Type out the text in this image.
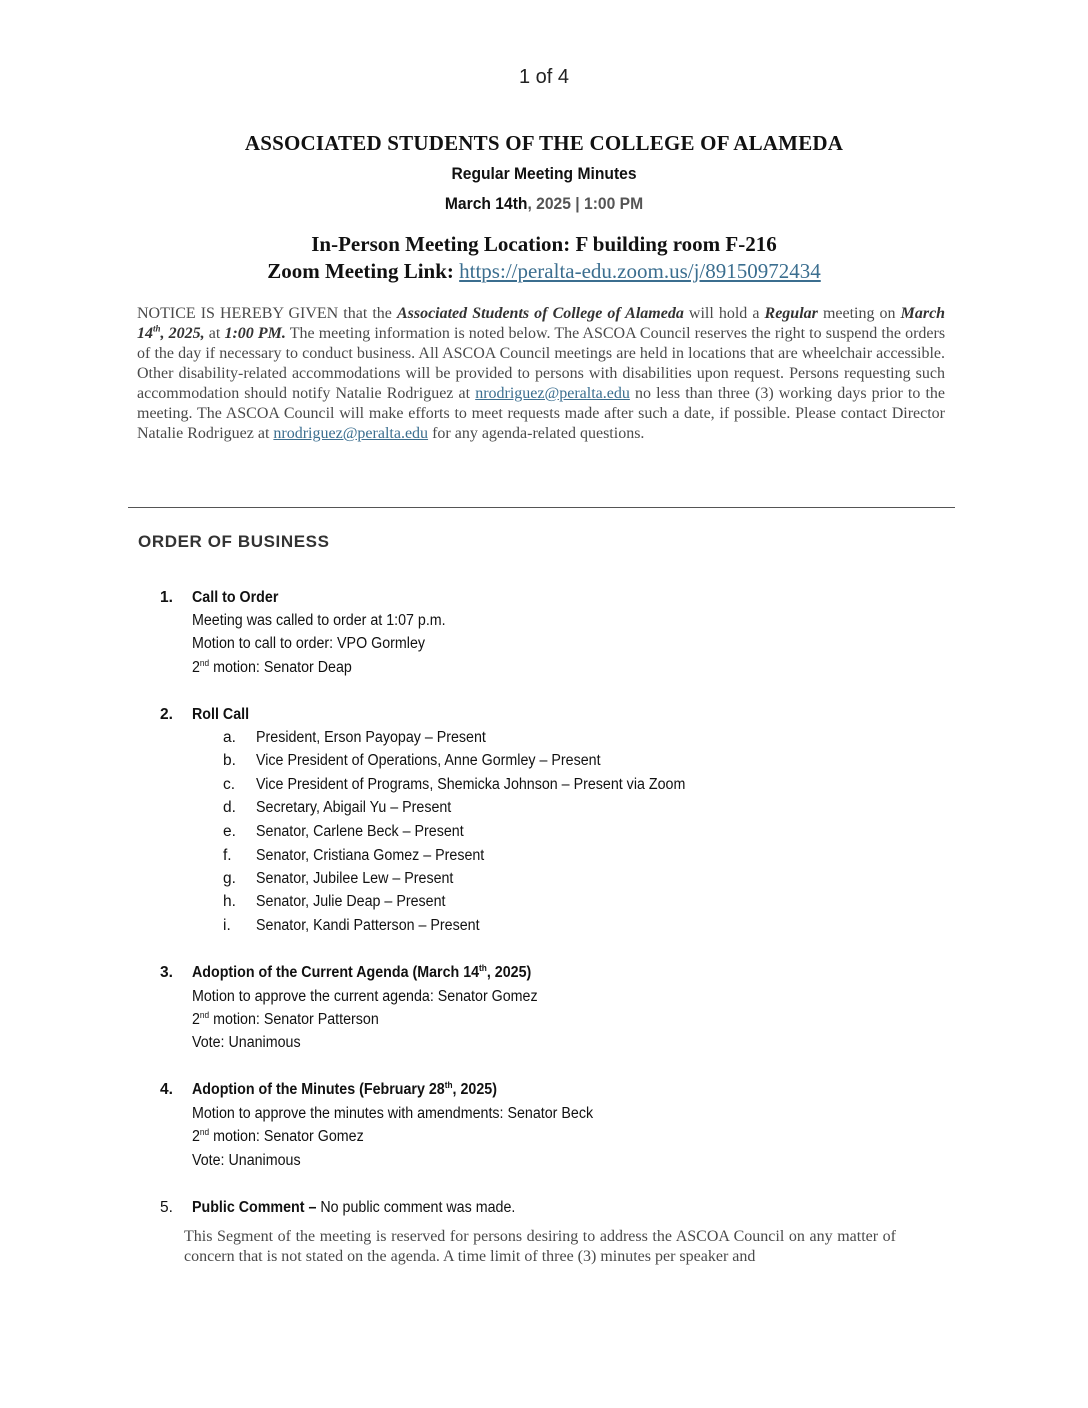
1 of 4
ASSOCIATED STUDENTS OF THE COLLEGE OF ALAMEDA
Regular Meeting Minutes
March 14th, 2025 | 1:00 PM
In-Person Meeting Location: F building room F-216
Zoom Meeting Link: https://peralta-edu.zoom.us/j/89150972434
NOTICE IS HEREBY GIVEN that the Associated Students of College of Alameda will hold a Regular meeting on March 14th, 2025, at 1:00 PM. The meeting information is noted below. The ASCOA Council reserves the right to suspend the orders of the day if necessary to conduct business. All ASCOA Council meetings are held in locations that are wheelchair accessible. Other disability-related accommodations will be provided to persons with disabilities upon request. Persons requesting such accommodation should notify Natalie Rodriguez at nrodriguez@peralta.edu no less than three (3) working days prior to the meeting. The ASCOA Council will make efforts to meet requests made after such a date, if possible. Please contact Director Natalie Rodriguez at nrodriguez@peralta.edu for any agenda-related questions.
ORDER OF BUSINESS
1. Call to Order
Meeting was called to order at 1:07 p.m.
Motion to call to order: VPO Gormley
2nd motion: Senator Deap
2. Roll Call
a. President, Erson Payopay – Present
b. Vice President of Operations, Anne Gormley – Present
c. Vice President of Programs, Shemicka Johnson – Present via Zoom
d. Secretary, Abigail Yu – Present
e. Senator, Carlene Beck – Present
f. Senator, Cristiana Gomez – Present
g. Senator, Jubilee Lew – Present
h. Senator, Julie Deap – Present
i. Senator, Kandi Patterson – Present
3. Adoption of the Current Agenda (March 14th, 2025)
Motion to approve the current agenda: Senator Gomez
2nd motion: Senator Patterson
Vote: Unanimous
4. Adoption of the Minutes (February 28th, 2025)
Motion to approve the minutes with amendments: Senator Beck
2nd motion: Senator Gomez
Vote: Unanimous
5. Public Comment – No public comment was made.
This Segment of the meeting is reserved for persons desiring to address the ASCOA Council on any matter of concern that is not stated on the agenda. A time limit of three (3) minutes per speaker and
